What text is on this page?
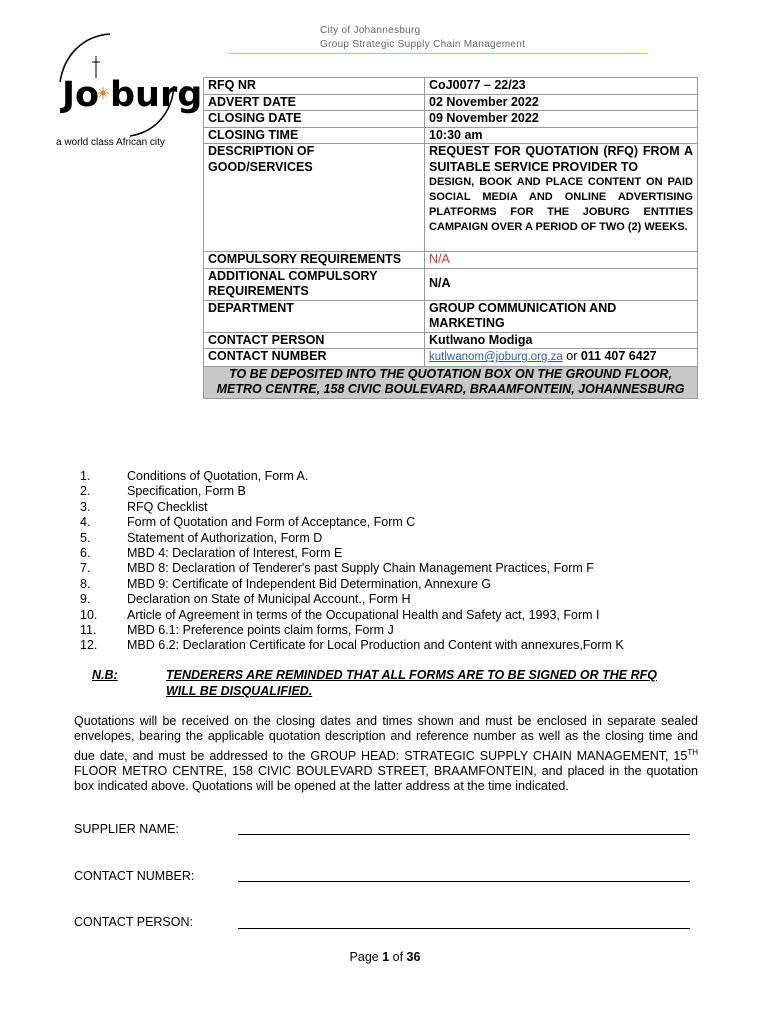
City of Johannesburg
Group Strategic Supply Chain Management
Jo burg
a world class African city
RFQ NR	CoJ0077 – 22/23
ADVERT DATE	02 November 2022
CLOSING DATE	09 November 2022
CLOSING TIME	10:30 am
DESCRIPTION OF GOOD/SERVICES	REQUEST FOR QUOTATION (RFQ) FROM A SUITABLE SERVICE PROVIDER TO
DESIGN, BOOK AND PLACE CONTENT ON PAID SOCIAL MEDIA AND ONLINE ADVERTISING PLATFORMS FOR THE JOBURG ENTITIES CAMPAIGN OVER A PERIOD OF TWO (2) WEEKS.

COMPULSORY REQUIREMENTS	N/A
ADDITIONAL COMPULSORY REQUIREMENTS	N/A
DEPARTMENT	GROUP COMMUNICATION AND MARKETING
CONTACT PERSON	Kutlwano Modiga
CONTACT NUMBER	kutlwanom@joburg.org.za or 011 407 6427
TO BE DEPOSITED INTO THE QUOTATION BOX ON THE GROUND FLOOR, METRO CENTRE, 158 CIVIC BOULEVARD, BRAAMFONTEIN, JOHANNESBURG	
1.	Conditions of Quotation, Form A.
2.	Specification, Form B
3.	RFQ Checklist
4.	Form of Quotation and Form of Acceptance, Form C
5.	Statement of Authorization, Form D
6.	MBD 4: Declaration of Interest, Form E
7.	MBD 8: Declaration of Tenderer's past Supply Chain Management Practices, Form F
8.	MBD 9: Certificate of Independent Bid Determination, Annexure G
9.	Declaration on State of Municipal Account., Form H
10. Article of Agreement in terms of the Occupational Health and Safety act, 1993, Form I
11. MBD 6.1: Preference points claim forms, Form J
12. MBD 6.2: Declaration Certificate for Local Production and Content with annexures,Form K
N.B:	TENDERERS ARE REMINDED THAT ALL FORMS ARE TO BE SIGNED OR THE RFQ WILL BE DISQUALIFIED.
Quotations will be received on the closing dates and times shown and must be enclosed in separate sealed envelopes, bearing the applicable quotation description and reference number as well as the closing time and due date, and must be addressed to the GROUP HEAD: STRATEGIC SUPPLY CHAIN MANAGEMENT, 15TH FLOOR METRO CENTRE, 158 CIVIC BOULEVARD STREET, BRAAMFONTEIN, and placed in the quotation box indicated above. Quotations will be opened at the latter address at the time indicated.
SUPPLIER NAME:
CONTACT NUMBER:
CONTACT PERSON:
Page 1 of 36
